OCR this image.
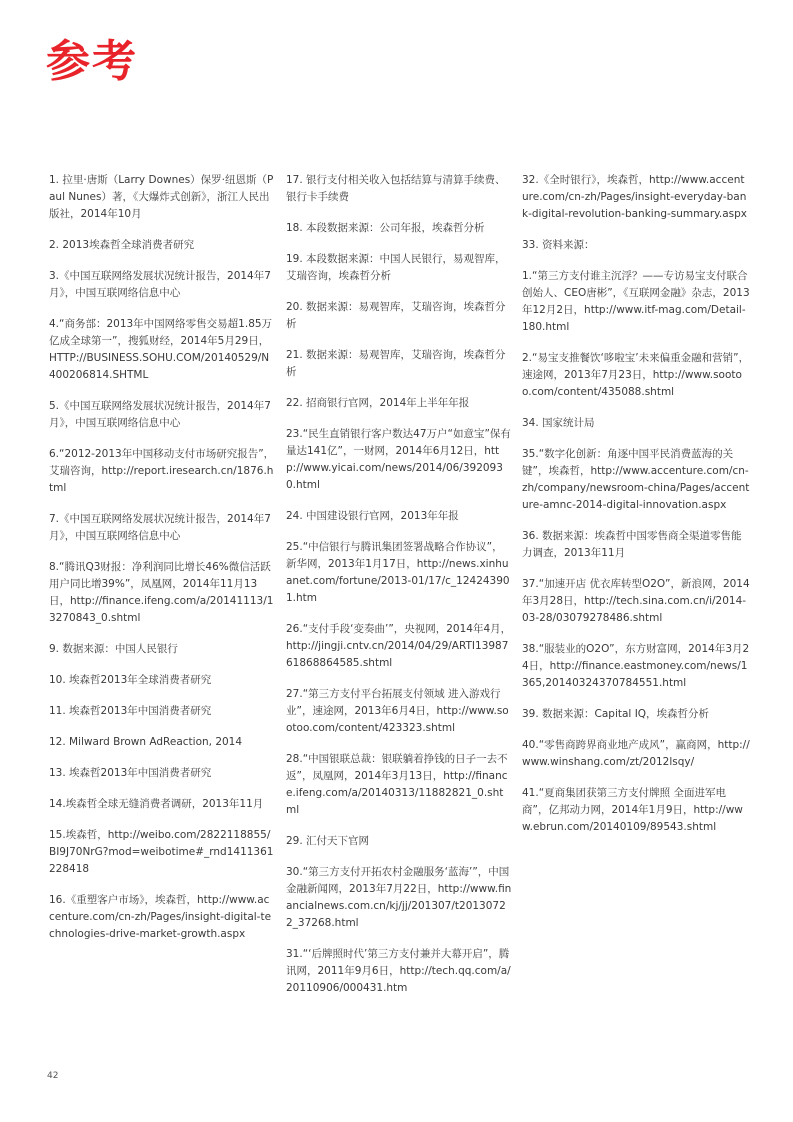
参考

1. 拉里·唐斯（Larry Downes）保罗·纽恩斯（Paul Nunes）著，《大爆炸式创新》，浙江人民出版社，2014年10月

2. 2013埃森哲全球消费者研究

3.《中国互联网络发展状况统计报告，2014年7月》，中国互联网络信息中心

4.“商务部：2013年中国网络零售交易超1.85万亿成全球第一”，搜狐财经，2014年5月29日，HTTP://BUSINESS.SOHU.COM/20140529/N400206814.SHTML

5.《中国互联网络发展状况统计报告，2014年7月》，中国互联网络信息中心

6.“2012-2013年中国移动支付市场研究报告”，艾瑞咨询，http://report.iresearch.cn/1876.html

7.《中国互联网络发展状况统计报告，2014年7月》，中国互联网络信息中心

8.“腾讯Q3财报：净利润同比增长46%微信活跃用户同比增39%”，凤凰网，2014年11月13日，http://finance.ifeng.com/a/20141113/13270843_0.shtml

9. 数据来源：中国人民银行

10. 埃森哲2013年全球消费者研究

11. 埃森哲2013年中国消费者研究

12. Milward Brown AdReaction, 2014

13. 埃森哲2013年中国消费者研究

14.埃森哲全球无缝消费者调研，2013年11月

15.埃森哲，http://weibo.com/2822118855/BI9J70NrG?mod=weibotime#_rnd1411361228418

16.《重塑客户市场》，埃森哲，http://www.accenture.com/cn-zh/Pages/insight-digital-technologies-drive-market-growth.aspx

17. 银行支付相关收入包括结算与清算手续费、银行卡手续费

18. 本段数据来源：公司年报，埃森哲分析

19. 本段数据来源：中国人民银行，易观智库，艾瑞咨询，埃森哲分析

20. 数据来源：易观智库，艾瑞咨询，埃森哲分析

21. 数据来源：易观智库，艾瑞咨询，埃森哲分析

22. 招商银行官网，2014年上半年年报

23.“民生直销银行客户数达47万户“如意宝”保有量达141亿”，一财网，2014年6月12日，http://www.yicai.com/news/2014/06/3920930.html

24. 中国建设银行官网，2013年年报

25.“中信银行与腾讯集团签署战略合作协议”，新华网，2013年1月17日，http://news.xinhuanet.com/fortune/2013-01/17/c_124243901.htm

26.“支付手段‘变奏曲’”，央视网，2014年4月，http://jingji.cntv.cn/2014/04/29/ARTI1398761868864585.shtml

27.“第三方支付平台拓展支付领域 进入游戏行业”，速途网，2013年6月4日，http://www.sootoo.com/content/423323.shtml

28.“中国银联总裁：银联躺着挣钱的日子一去不返”，凤凰网，2014年3月13日，http://finance.ifeng.com/a/20140313/11882821_0.shtml

29. 汇付天下官网

30.“第三方支付开拓农村金融服务‘蓝海’”，中国金融新闻网，2013年7月22日，http://www.financialnews.com.cn/kj/jj/201307/t20130722_37268.html

31.“‘后牌照时代’第三方支付兼并大幕开启”，腾讯网，2011年9月6日，http://tech.qq.com/a/20110906/000431.htm

32.《全时银行》，埃森哲，http://www.accenture.com/cn-zh/Pages/insight-everyday-bank-digital-revolution-banking-summary.aspx

33. 资料来源：

1.“第三方支付谁主沉浮？——专访易宝支付联合创始人、CEO唐彬”，《互联网金融》杂志，2013年12月2日，http://www.itf-mag.com/Detail-180.html

2.“易宝支推餐饮‘哆啦宝’未来偏重金融和营销”，速途网，2013年7月23日，http://www.sootoo.com/content/435088.shtml

34. 国家统计局

35.“数字化创新：角逐中国平民消费蓝海的关键”，埃森哲，http://www.accenture.com/cn-zh/company/newsroom-china/Pages/accenture-amnc-2014-digital-innovation.aspx

36. 数据来源：埃森哲中国零售商全渠道零售能力调查，2013年11月

37.“加速开店 优衣库转型O2O”，新浪网，2014年3月28日，http://tech.sina.com.cn/i/2014-03-28/03079278486.shtml

38.“服装业的O2O”，东方财富网，2014年3月24日，http://finance.eastmoney.com/news/1365,20140324370784551.html

39. 数据来源：Capital IQ，埃森哲分析

40.“零售商跨界商业地产成风”，赢商网，http://www.winshang.com/zt/2012lsqy/

41.“夏商集团获第三方支付牌照 全面进军电商”，亿邦动力网，2014年1月9日，http://www.ebrun.com/20140109/89543.shtml

42
